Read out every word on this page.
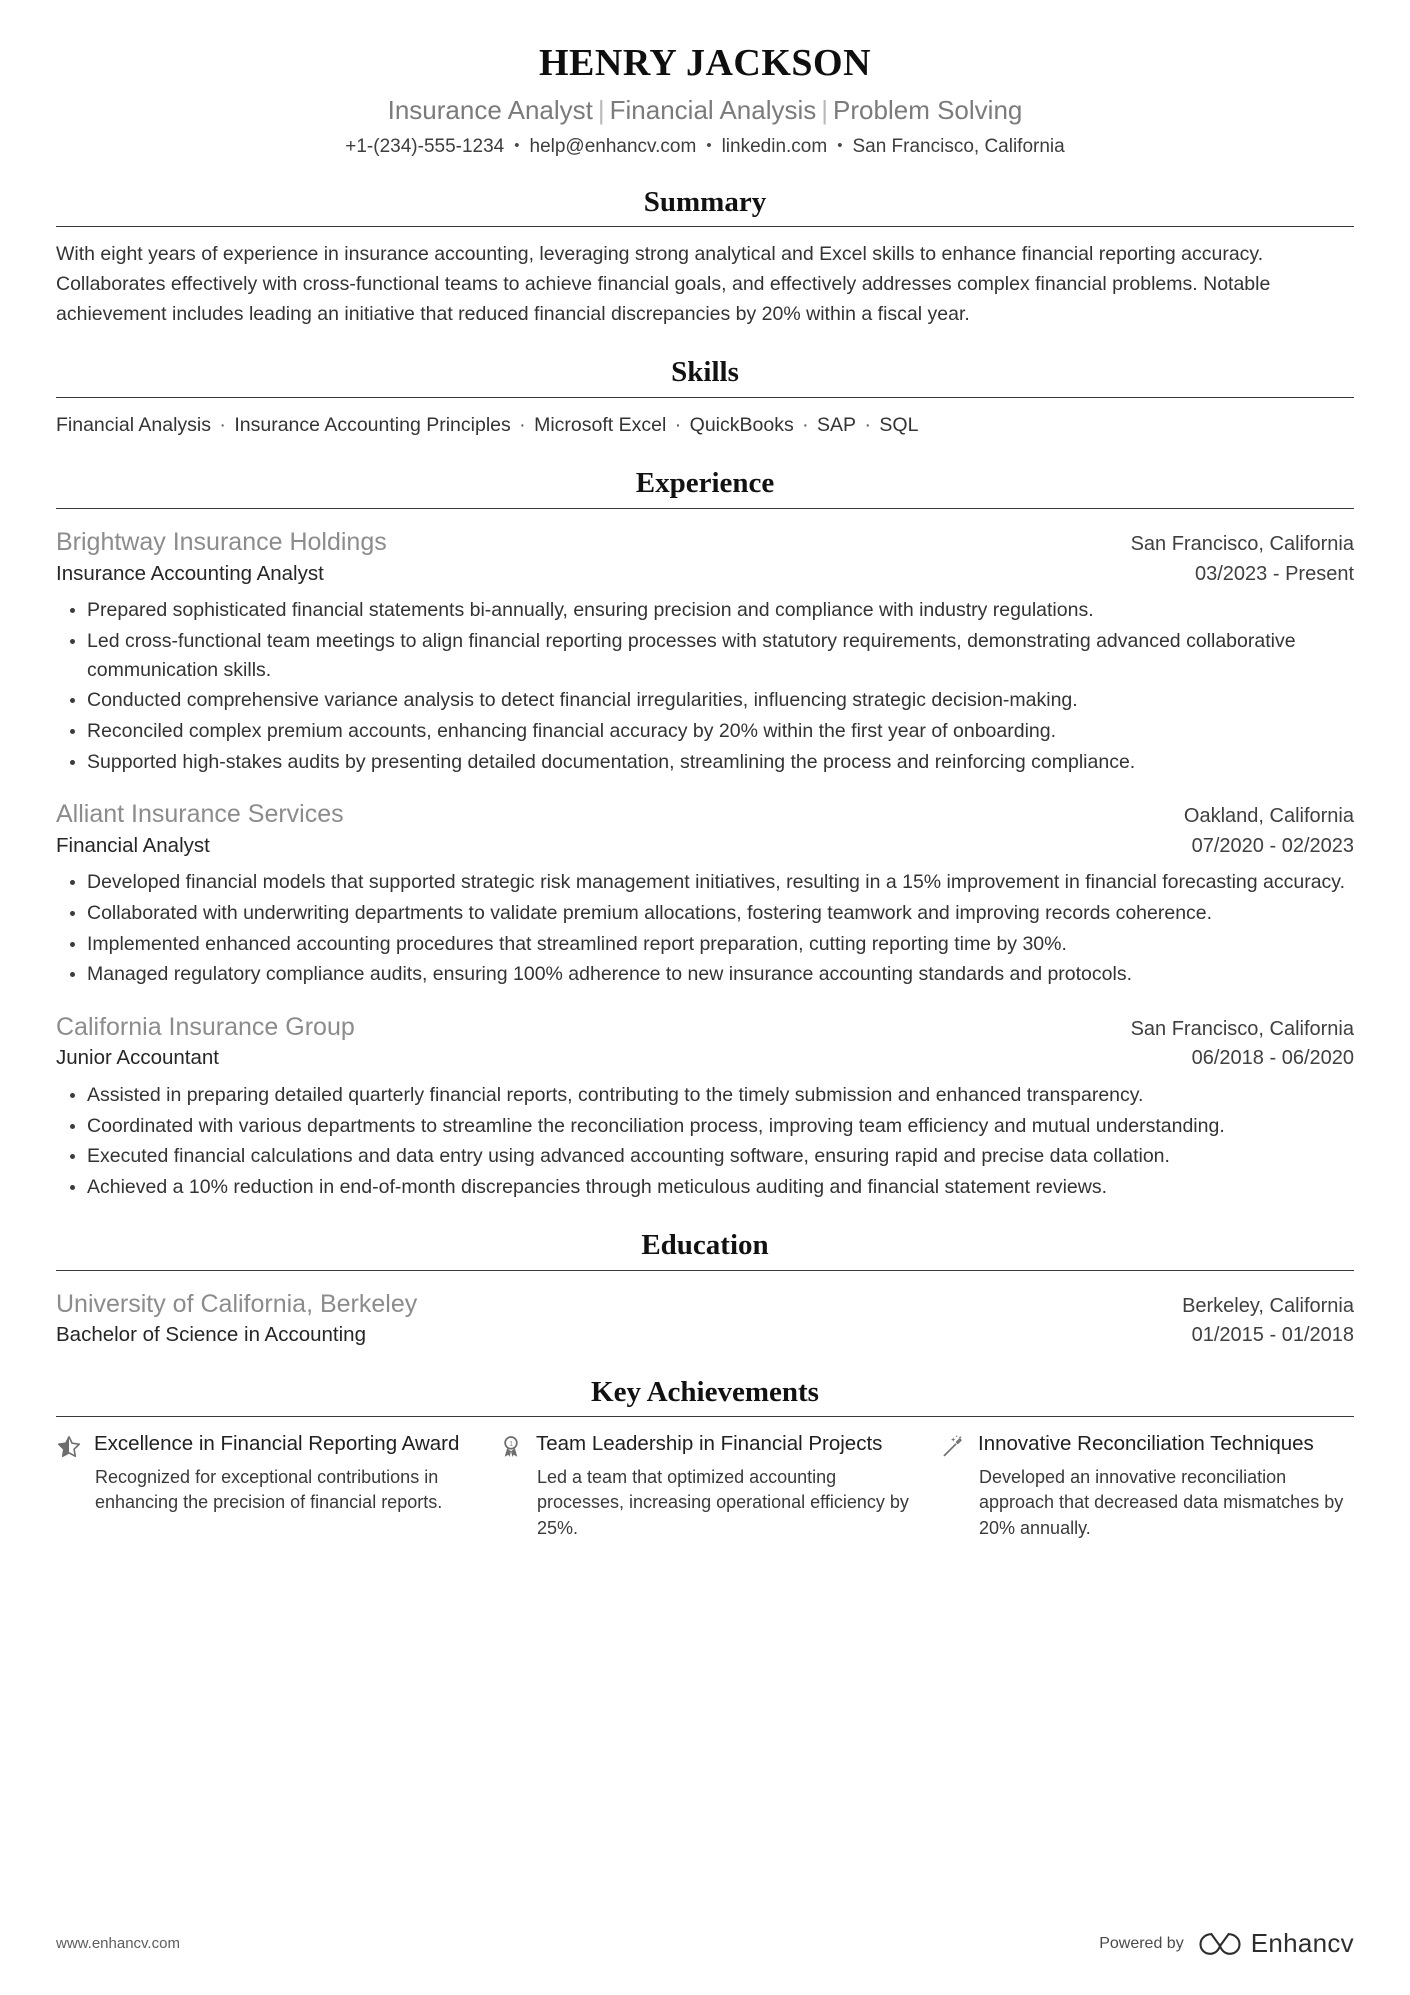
HENRY JACKSON
Insurance Analyst | Financial Analysis | Problem Solving
+1-(234)-555-1234 • help@enhancv.com • linkedin.com • San Francisco, California
Summary

With eight years of experience in insurance accounting, leveraging strong analytical and Excel skills to enhance financial reporting accuracy. Collaborates effectively with cross-functional teams to achieve financial goals, and effectively addresses complex financial problems. Notable achievement includes leading an initiative that reduced financial discrepancies by 20% within a fiscal year.

Skills
Financial Analysis · Insurance Accounting Principles · Microsoft Excel · QuickBooks · SAP · SQL
Experience
Brightway Insurance Holdings	San Francisco, California
Insurance Accounting Analyst	03/2023 - Present
Prepared sophisticated financial statements bi-annually, ensuring precision and compliance with industry regulations.
Led cross-functional team meetings to align financial reporting processes with statutory requirements, demonstrating advanced collaborative communication skills.
Conducted comprehensive variance analysis to detect financial irregularities, influencing strategic decision-making.
Reconciled complex premium accounts, enhancing financial accuracy by 20% within the first year of onboarding.
Supported high-stakes audits by presenting detailed documentation, streamlining the process and reinforcing compliance.
Alliant Insurance Services	Oakland, California
Financial Analyst	07/2020 - 02/2023
Developed financial models that supported strategic risk management initiatives, resulting in a 15% improvement in financial forecasting accuracy.
Collaborated with underwriting departments to validate premium allocations, fostering teamwork and improving records coherence.
Implemented enhanced accounting procedures that streamlined report preparation, cutting reporting time by 30%.
Managed regulatory compliance audits, ensuring 100% adherence to new insurance accounting standards and protocols.
California Insurance Group	San Francisco, California
Junior Accountant	06/2018 - 06/2020
Assisted in preparing detailed quarterly financial reports, contributing to the timely submission and enhanced transparency.
Coordinated with various departments to streamline the reconciliation process, improving team efficiency and mutual understanding.
Executed financial calculations and data entry using advanced accounting software, ensuring rapid and precise data collation.
Achieved a 10% reduction in end-of-month discrepancies through meticulous auditing and financial statement reviews.
Education
University of California, Berkeley	Berkeley, California
Bachelor of Science in Accounting	01/2015 - 01/2018
Key Achievements
Excellence in Financial Reporting Award
Recognized for exceptional contributions in enhancing the precision of financial reports.
1 Team Leadership in Financial Projects
Led a team that optimized accounting processes, increasing operational efficiency by 25%.
Innovative Reconciliation Techniques
Developed an innovative reconciliation approach that decreased data mismatches by 20% annually.
www.enhancv.com	Powered by	Enhancv
